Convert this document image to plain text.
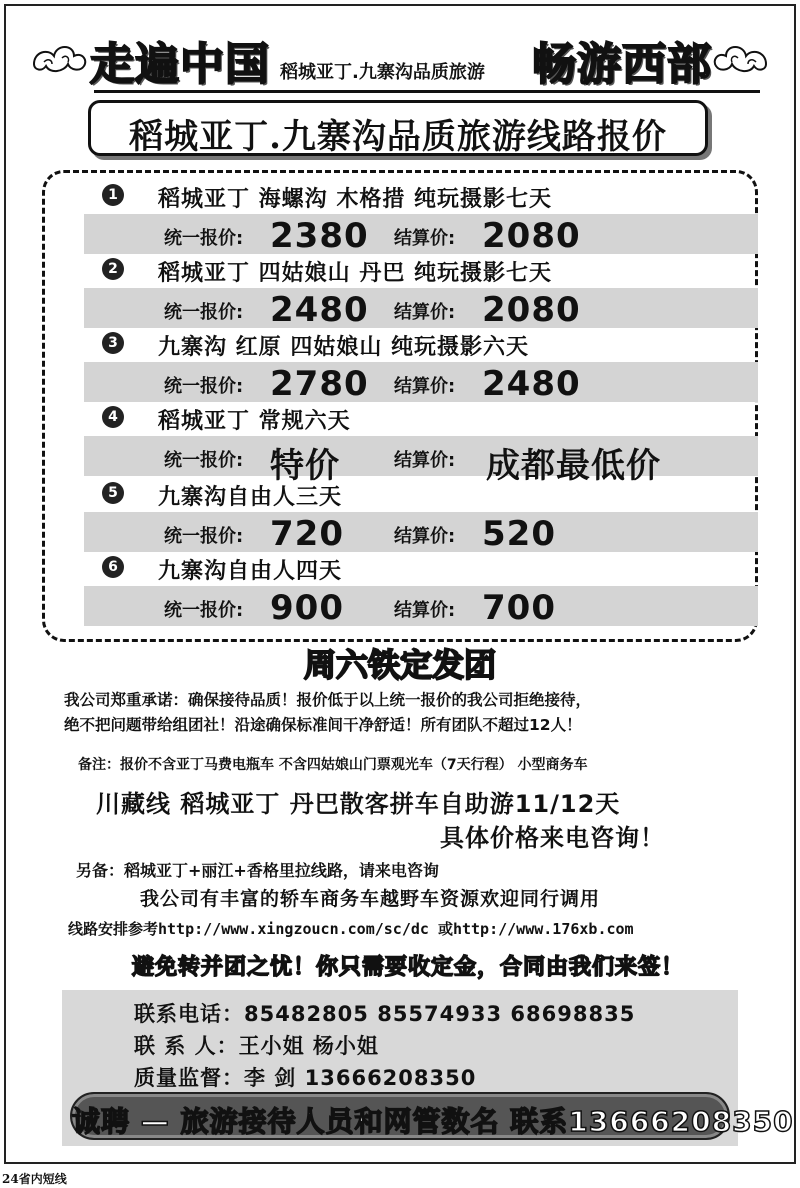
走遍中国 稻城亚丁.九寨沟品质旅游 畅游西部
稻城亚丁.九寨沟品质旅游线路报价
1 稻城亚丁 海螺沟 木格措 纯玩摄影七天
统一报价: 2380 结算价: 2080
2 稻城亚丁 四姑娘山 丹巴 纯玩摄影七天
统一报价: 2480 结算价: 2080
3 九寨沟 红原 四姑娘山 纯玩摄影六天
统一报价: 2780 结算价: 2480
4 稻城亚丁 常规六天
统一报价: 特价	结算价: 成都最低价
5 九寨沟自由人三天
统一报价: 720	结算价: 520
6 九寨沟自由人四天
统一报价: 900	结算价: 700
周六铁定发团
我公司郑重承诺：确保接待品质！报价低于以上统一报价的我公司拒绝接待，
绝不把问题带给组团社！沿途确保标准间干净舒适！所有团队不超过12人！
备注：报价不含亚丁马费电瓶车 不含四姑娘山门票观光车（7天行程） 小型商务车
川藏线 稻城亚丁 丹巴散客拼车自助游11/12天
具体价格来电咨询！
另备：稻城亚丁+丽江+香格里拉线路，请来电咨询
我公司有丰富的轿车商务车越野车资源欢迎同行调用
线路安排参考http://www.xingzoucn.com/sc/dc 或http://www.176xb.com
避免转并团之忧！你只需要收定金，合同由我们来签！
联系电话：85482805 85574933 68698835
联 系 人：王小姐 杨小姐
质量监督：李 剑 13666208350
诚聘 — 旅游接待人员和网管数名 联系13666208350
24省内短线
